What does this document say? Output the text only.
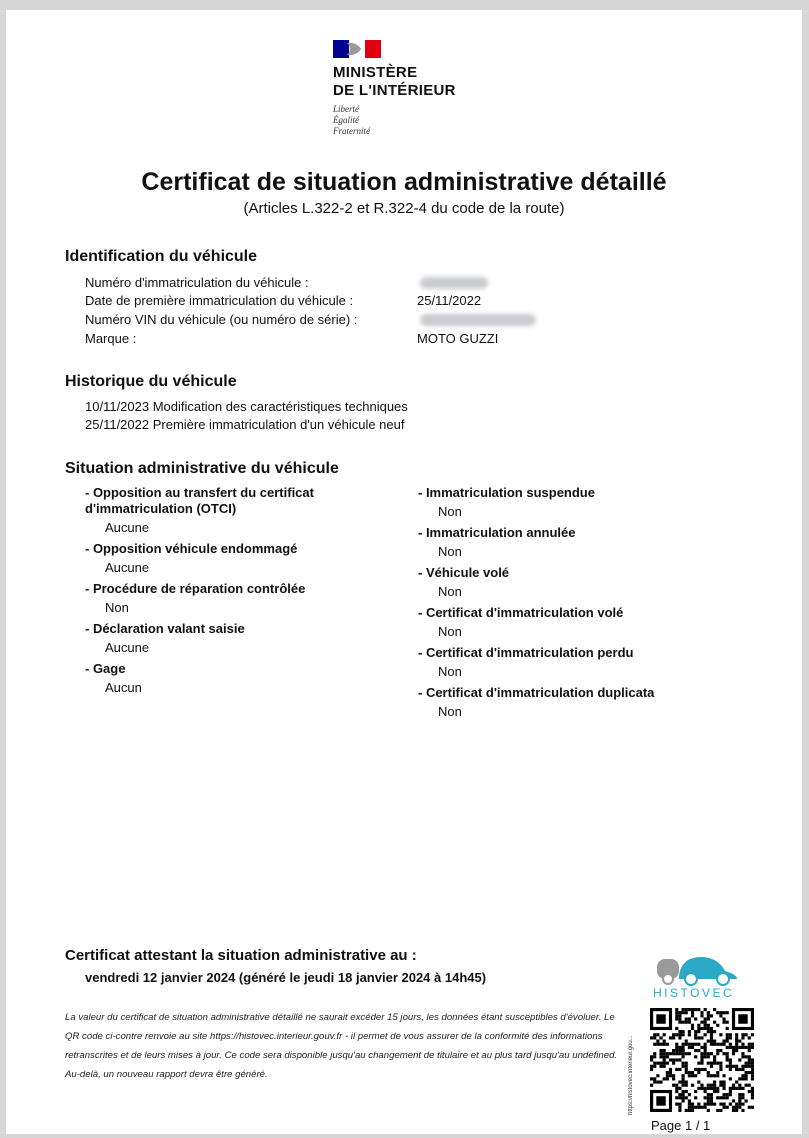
MINISTÈRE
DE L'INTÉRIEUR
Liberté
Égalité
Fraternité
Certificat de situation administrative détaillé
(Articles L.322-2 et R.322-4 du code de la route)
Identification du véhicule
Numéro d'immatriculation du véhicule :
Date de première immatriculation du véhicule :	25/11/2022
Numéro VIN du véhicule (ou numéro de série) :
Marque :	MOTO GUZZI
Historique du véhicule
10/11/2023 Modification des caractéristiques techniques
25/11/2022 Première immatriculation d'un véhicule neuf
Situation administrative du véhicule
- Opposition au transfert du certificat d'immatriculation (OTCI)
Aucune
- Opposition véhicule endommagé
Aucune
- Procédure de réparation contrôlée
Non
- Déclaration valant saisie
Aucune
- Gage
Aucun
- Immatriculation suspendue
Non
- Immatriculation annulée
Non
- Véhicule volé
Non
- Certificat d'immatriculation volé
Non
- Certificat d'immatriculation perdu
Non
- Certificat d'immatriculation duplicata
Non
Certificat attestant la situation administrative au :
vendredi 12 janvier 2024 (généré le jeudi 18 janvier 2024 à 14h45)
La valeur du certificat de situation administrative détaillé ne saurait excéder 15 jours, les données étant susceptibles d'évoluer. Le QR code ci-contre renvoie au site https://histovec.interieur.gouv.fr - il permet de vous assurer de la conformité des informations retranscrites et de leurs mises à jour. Ce code sera disponible jusqu'au changement de titulaire et au plus tard jusqu'au undefined. Au-delà, un nouveau rapport devra être généré.
HISTOVEC
https://histovec.interieur.gou...
Page 1 / 1
